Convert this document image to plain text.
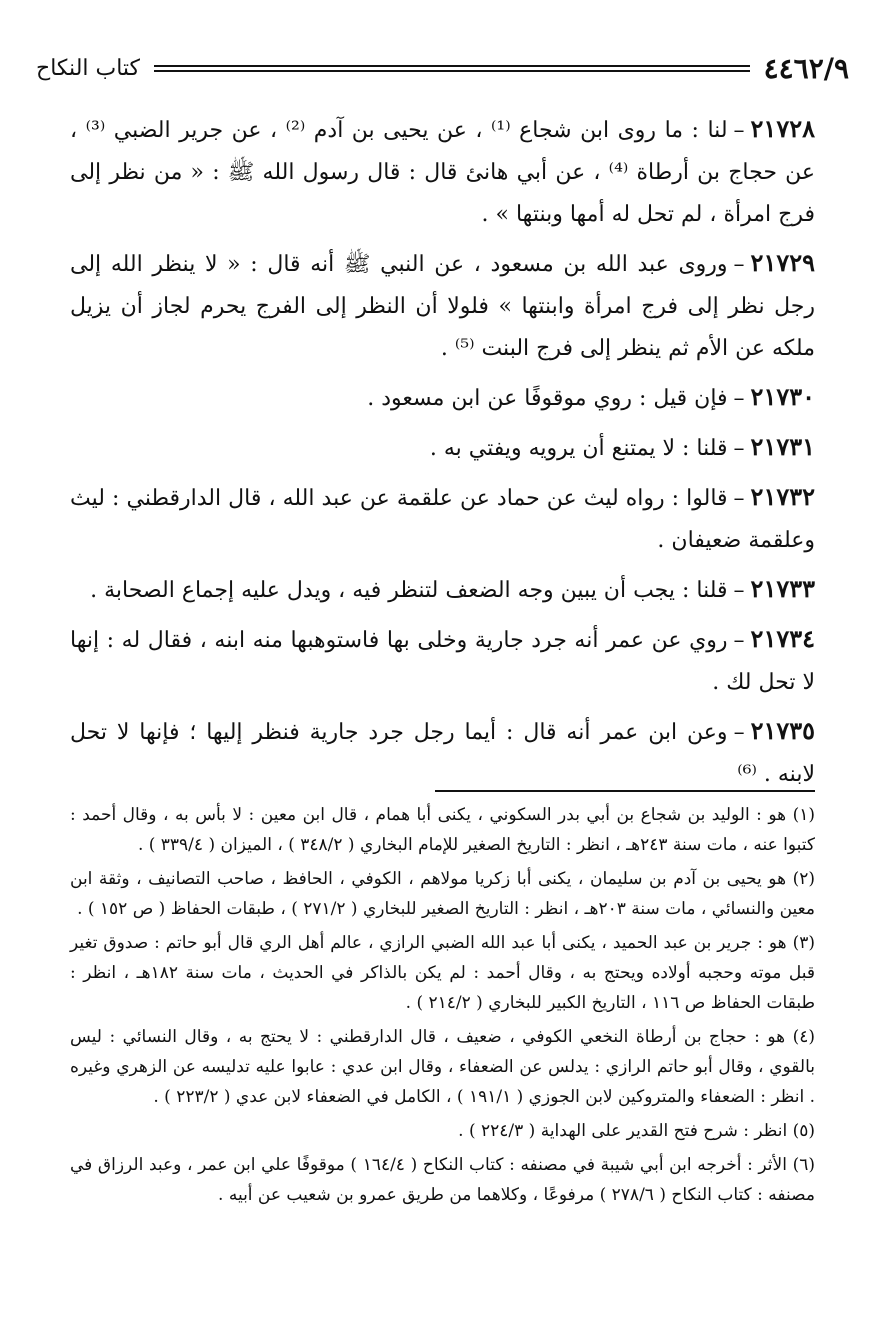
٤٤٦٢/٩
كتاب النكاح

٢١٧٢٨–لنا : ما روى ابن شجاع ⁽¹⁾ ، عن يحيى بن آدم ⁽²⁾ ، عن جرير الضبي ⁽³⁾ ، عن حجاج بن أرطاة ⁽⁴⁾ ، عن أبي هانئ قال : قال رسول الله ﷺ : « من نظر إلى فرج امرأة ، لم تحل له أمها وبنتها » .

٢١٧٢٩–وروى عبد الله بن مسعود ، عن النبي ﷺ أنه قال : « لا ينظر الله إلى رجل نظر إلى فرج امرأة وابنتها » فلولا أن النظر إلى الفرج يحرم لجاز أن يزيل ملكه عن الأم ثم ينظر إلى فرج البنت ⁽⁵⁾ .

٢١٧٣٠–فإن قيل : روي موقوفًا عن ابن مسعود .

٢١٧٣١–قلنا : لا يمتنع أن يرويه ويفتي به .

٢١٧٣٢–قالوا : رواه ليث عن حماد عن علقمة عن عبد الله ، قال الدارقطني : ليث وعلقمة ضعيفان .

٢١٧٣٣–قلنا : يجب أن يبين وجه الضعف لتنظر فيه ، ويدل عليه إجماع الصحابة .

٢١٧٣٤–روي عن عمر أنه جرد جارية وخلى بها فاستوهبها منه ابنه ، فقال له : إنها لا تحل لك .

٢١٧٣٥–وعن ابن عمر أنه قال : أيما رجل جرد جارية فنظر إليها ؛ فإنها لا تحل لابنه . ⁽⁶⁾

(١) هو : الوليد بن شجاع بن أبي بدر السكوني ، يكنى أبا همام ، قال ابن معين : لا بأس به ، وقال أحمد : كتبوا عنه ، مات سنة ٢٤٣هـ ، انظر : التاريخ الصغير للإمام البخاري ( ٣٤٨/٢ ) ، الميزان ( ٣٣٩/٤ ) .

(٢) هو يحيى بن آدم بن سليمان ، يكنى أبا زكريا مولاهم ، الكوفي ، الحافظ ، صاحب التصانيف ، وثقة ابن معين والنسائي ، مات سنة ٢٠٣هـ ، انظر : التاريخ الصغير للبخاري ( ٢٧١/٢ ) ، طبقات الحفاظ ( ص ١٥٢ ) .

(٣) هو : جرير بن عبد الحميد ، يكنى أبا عبد الله الضبي الرازي ، عالم أهل الري قال أبو حاتم : صدوق تغير قبل موته وحجبه أولاده ويحتج به ، وقال أحمد : لم يكن بالذاكر في الحديث ، مات سنة ١٨٢هـ ، انظر : طبقات الحفاظ ص ١١٦ ، التاريخ الكبير للبخاري ( ٢١٤/٢ ) .

(٤) هو : حجاج بن أرطاة النخعي الكوفي ، ضعيف ، قال الدارقطني : لا يحتج به ، وقال النسائي : ليس بالقوي ، وقال أبو حاتم الرازي : يدلس عن الضعفاء ، وقال ابن عدي : عابوا عليه تدليسه عن الزهري وغيره . انظر : الضعفاء والمتروكين لابن الجوزي ( ١٩١/١ ) ، الكامل في الضعفاء لابن عدي ( ٢٢٣/٢ ) .

(٥) انظر : شرح فتح القدير على الهداية ( ٢٢٤/٣ ) .

(٦) الأثر : أخرجه ابن أبي شيبة في مصنفه : كتاب النكاح ( ١٦٤/٤ ) موقوفًا علي ابن عمر ، وعبد الرزاق في مصنفه : كتاب النكاح ( ٢٧٨/٦ ) مرفوعًا ، وكلاهما من طريق عمرو بن شعيب عن أبيه .
